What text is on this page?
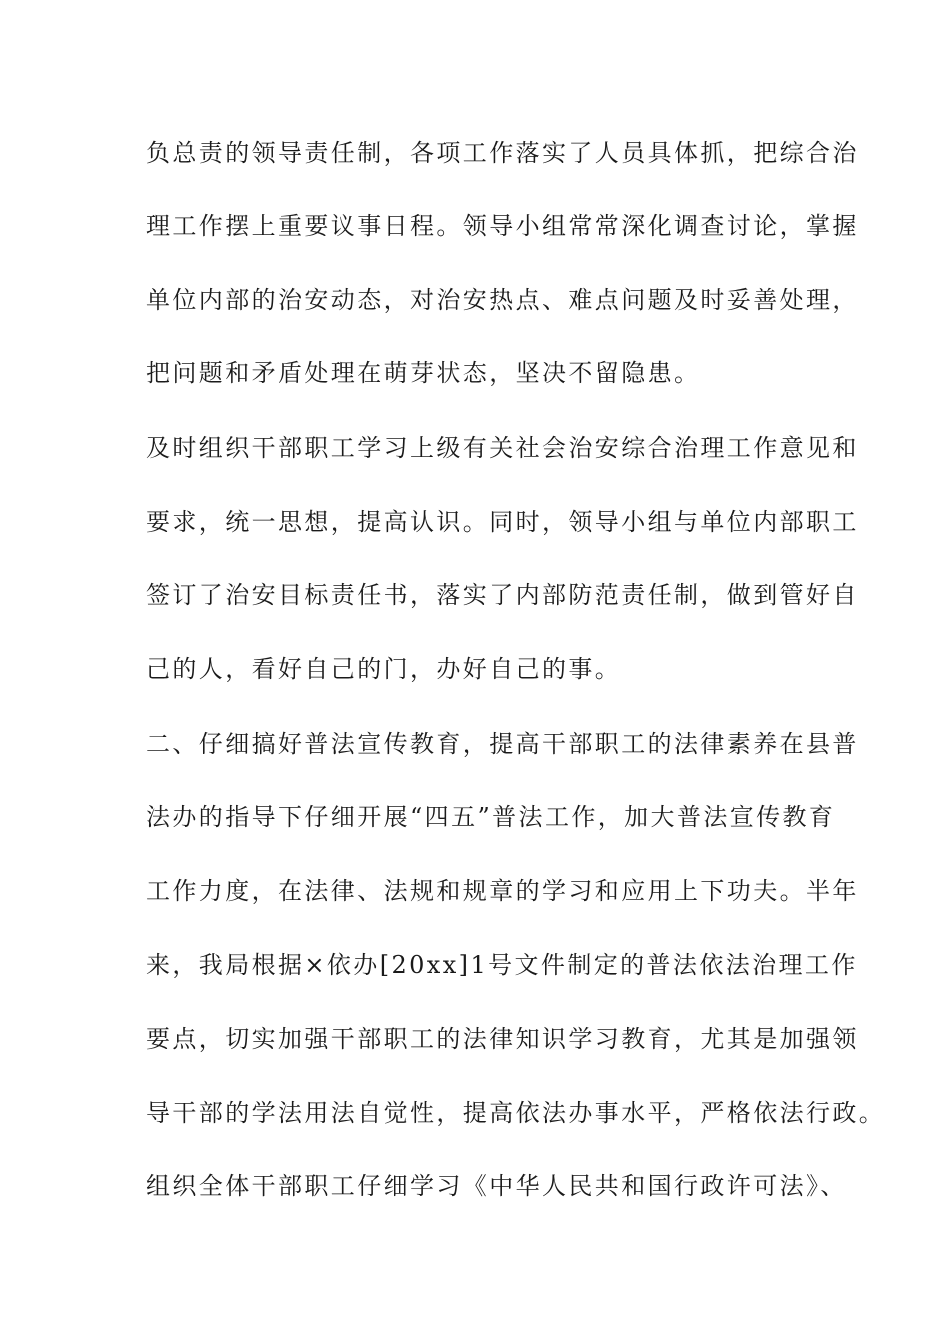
负总责的领导责任制，各项工作落实了人员具体抓，把综合治
理工作摆上重要议事日程。领导小组常常深化调查讨论，掌握
单位内部的治安动态，对治安热点、难点问题及时妥善处理，
把问题和矛盾处理在萌芽状态，坚决不留隐患。
及时组织干部职工学习上级有关社会治安综合治理工作意见和
要求，统一思想，提高认识。同时，领导小组与单位内部职工
签订了治安目标责任书，落实了内部防范责任制，做到管好自
己的人，看好自己的门，办好自己的事。
二、仔细搞好普法宣传教育，提高干部职工的法律素养在县普
法办的指导下仔细开展“四五”普法工作，加大普法宣传教育
工作力度，在法律、法规和规章的学习和应用上下功夫。半年
来，我局根据×依办[20xx]1号文件制定的普法依法治理工作
要点，切实加强干部职工的法律知识学习教育，尤其是加强领
导干部的学法用法自觉性，提高依法办事水平，严格依法行政。
组织全体干部职工仔细学习《中华人民共和国行政许可法》、
